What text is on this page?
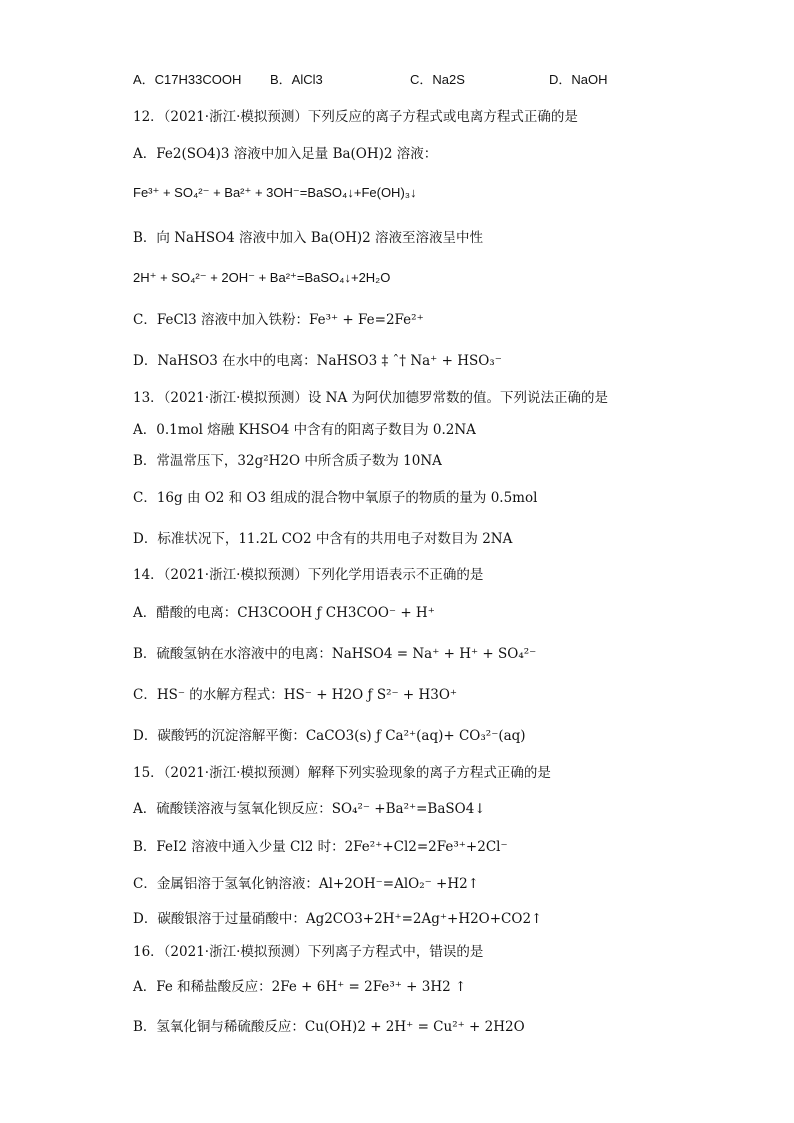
A．C17H33COOH B．AlCl3	C．Na2S	D．NaOH
12．（2021·浙江·模拟预测）下列反应的离子方程式或电离方程式正确的是
A．Fe2(SO4)3 溶液中加入足量 Ba(OH)2 溶液：
Fe³⁺ + SO₄²⁻ + Ba²⁺ + 3OH⁻=BaSO₄↓+Fe(OH)₃↓
B．向 NaHSO4 溶液中加入 Ba(OH)2 溶液至溶液呈中性
2H⁺ + SO₄²⁻ + 2OH⁻ + Ba²⁺=BaSO₄↓+2H₂O
C．FeCl3 溶液中加入铁粉：Fe³⁺ + Fe=2Fe²⁺
D．NaHSO3 在水中的电离：NaHSO3 ‡ ˆ† Na⁺ + HSO₃⁻
13．（2021·浙江·模拟预测）设 NA 为阿伏加德罗常数的值。下列说法正确的是
A．0.1mol 熔融 KHSO4 中含有的阳离子数目为 0.2NA
B．常温常压下，32g²H2O 中所含质子数为 10NA
C．16g 由 O2 和 O3 组成的混合物中氧原子的物质的量为 0.5mol
D．标准状况下，11.2L CO2 中含有的共用电子对数目为 2NA
14．（2021·浙江·模拟预测）下列化学用语表示不正确的是
A．醋酸的电离：CH3COOH ƒ CH3COO⁻ + H⁺
B．硫酸氢钠在水溶液中的电离：NaHSO4 = Na⁺ + H⁺ + SO₄²⁻
C．HS⁻ 的水解方程式：HS⁻ + H2O ƒ S²⁻ + H3O⁺
D．碳酸钙的沉淀溶解平衡：CaCO3(s) ƒ Ca²⁺(aq)+ CO₃²⁻(aq)
15．（2021·浙江·模拟预测）解释下列实验现象的离子方程式正确的是
A．硫酸镁溶液与氢氧化钡反应：SO₄²⁻ +Ba²⁺=BaSO4↓
B．FeI2 溶液中通入少量 Cl2 时：2Fe²⁺+Cl2=2Fe³⁺+2Cl⁻
C．金属铝溶于氢氧化钠溶液：Al+2OH⁻=AlO₂⁻ +H2↑
D．碳酸银溶于过量硝酸中：Ag2CO3+2H⁺=2Ag⁺+H2O+CO2↑
16．（2021·浙江·模拟预测）下列离子方程式中，错误的是
A．Fe 和稀盐酸反应：2Fe + 6H⁺ = 2Fe³⁺ + 3H2 ↑
B．氢氧化铜与稀硫酸反应：Cu(OH)2 + 2H⁺ = Cu²⁺ + 2H2O
